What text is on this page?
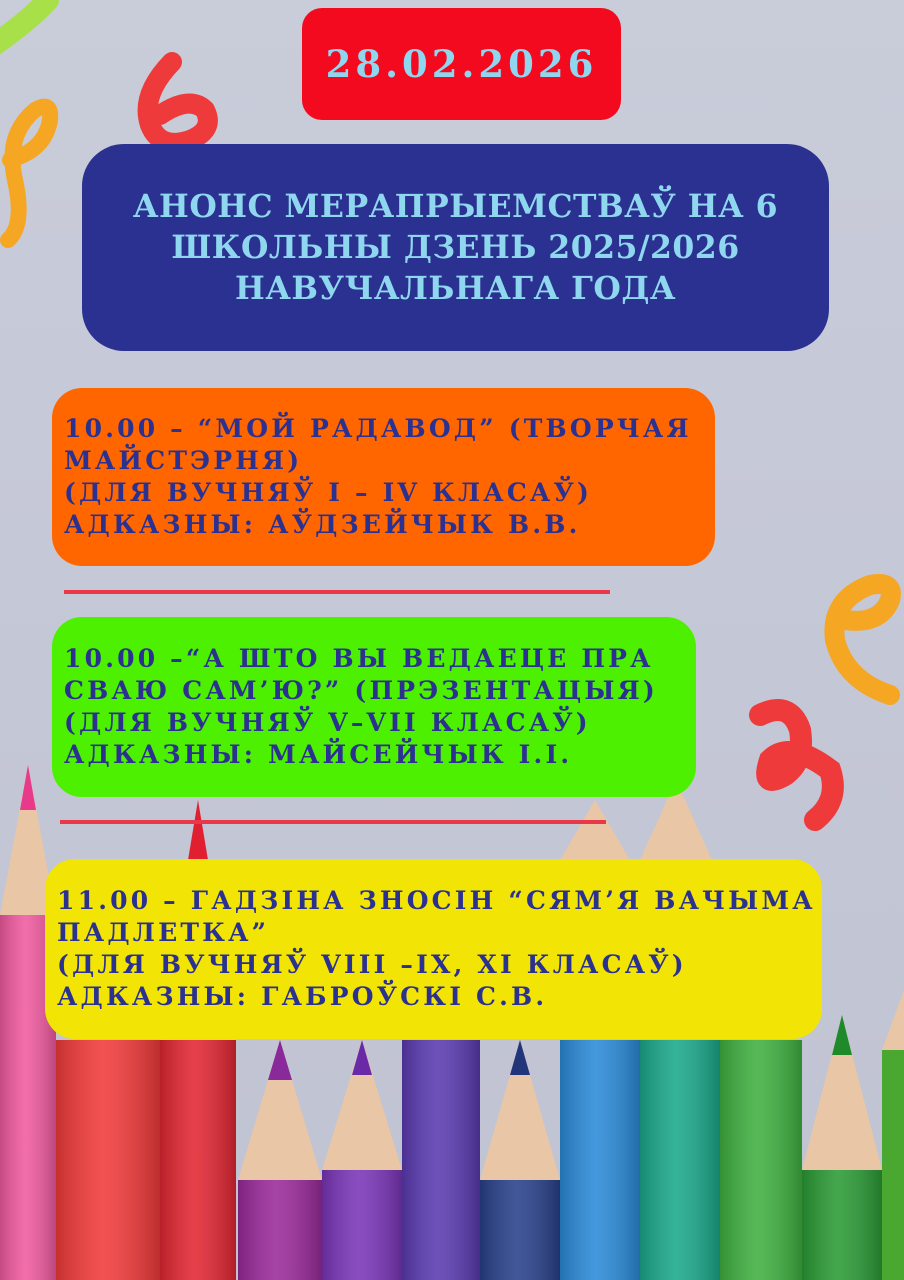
28.02.2026
АНОНС МЕРАПРЫЕМСТВАЎ НА 6
ШКОЛЬНЫ ДЗЕНЬ 2025/2026
НАВУЧАЛЬНАГА ГОДА
10.00 – “МОЙ РАДАВОД” (ТВОРЧАЯ
МАЙСТЭРНЯ)
(ДЛЯ ВУЧНЯЎ І – ІV КЛАСАЎ)
АДКАЗНЫ: АЎДЗЕЙЧЫК В.В.
10.00 –“А ШТО ВЫ ВЕДАЕЦЕ ПРА
СВАЮ САМ’Ю?” (ПРЭЗЕНТАЦЫЯ)
(ДЛЯ ВУЧНЯЎ V–VІІ КЛАСАЎ)
АДКАЗНЫ: МАЙСЕЙЧЫК І.І.
11.00 – ГАДЗІНА ЗНОСІН “СЯМ’Я ВАЧЫМА
ПАДЛЕТКА”
(ДЛЯ ВУЧНЯЎ VІІІ –ІX, XІ КЛАСАЎ)
АДКАЗНЫ: ГАБРОЎСКІ С.В.
